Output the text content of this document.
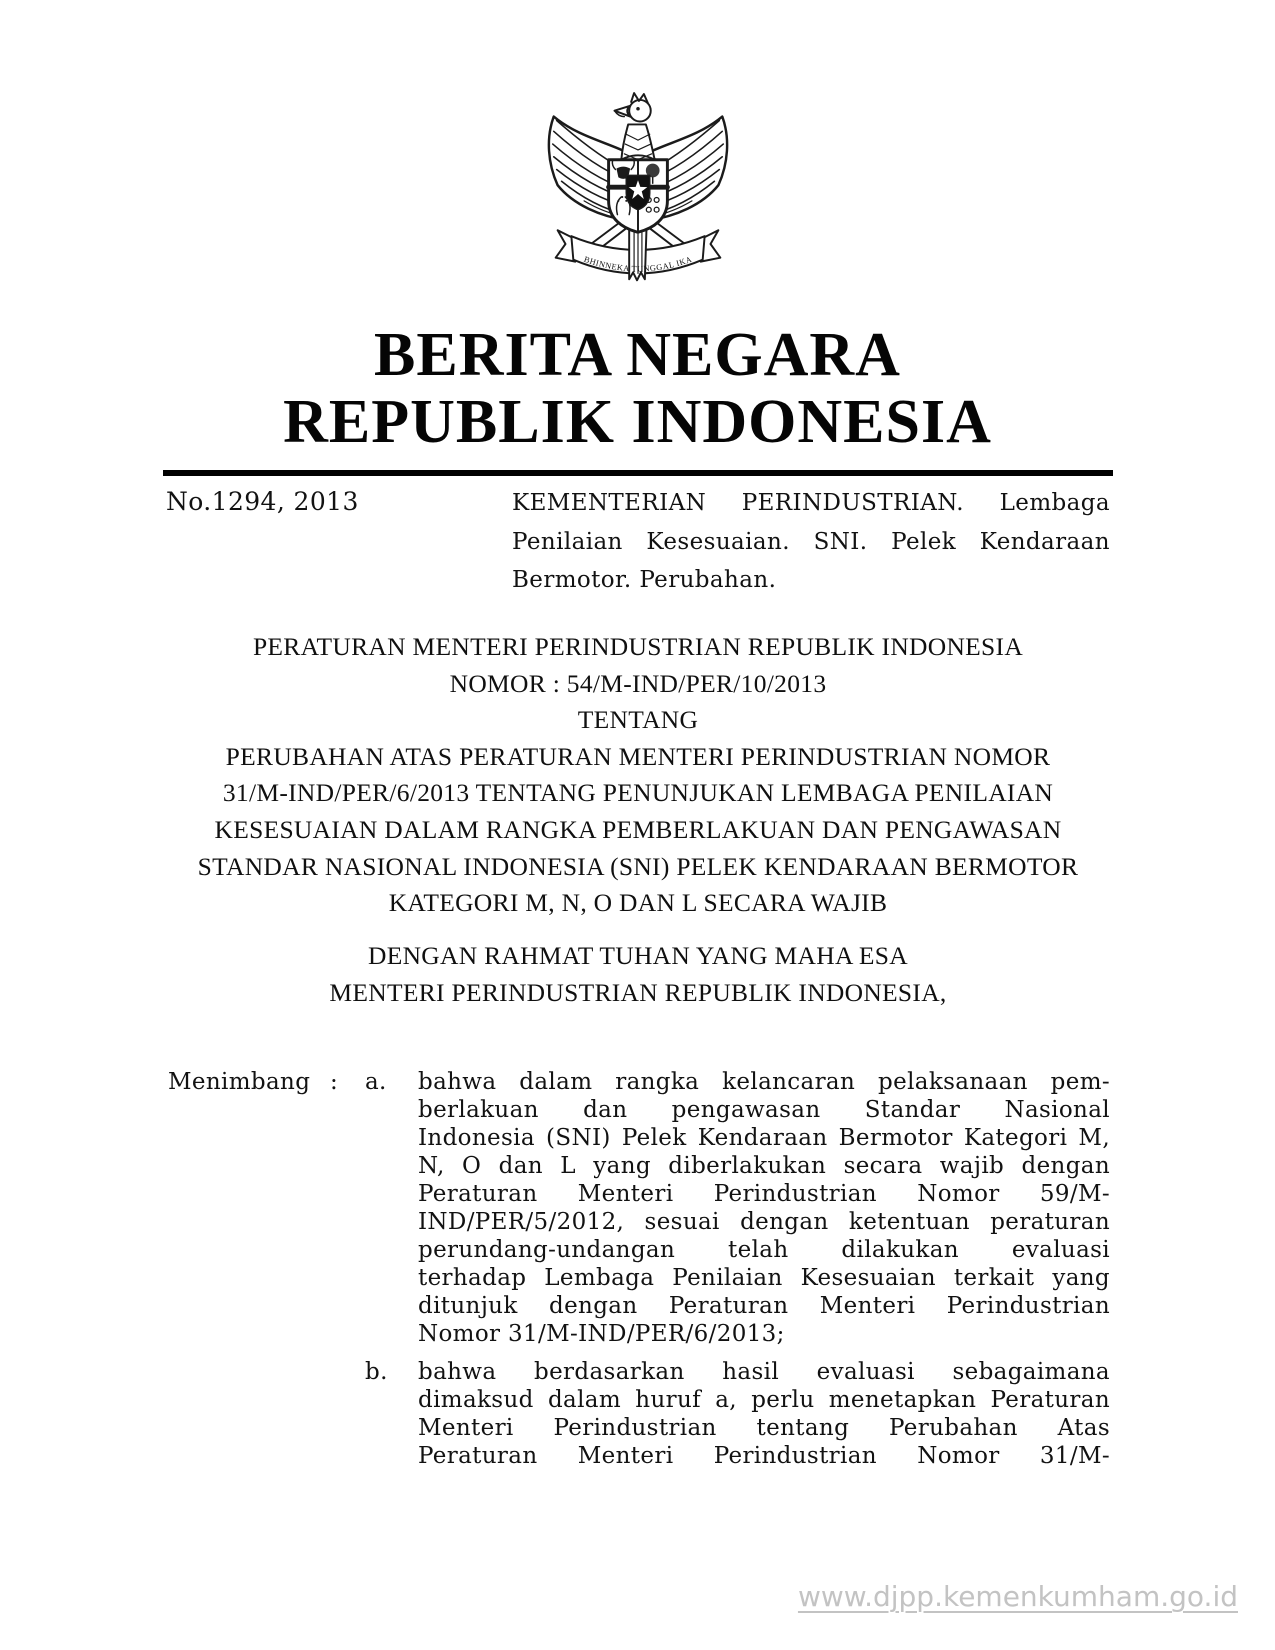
BHINNEKA TUNGGAL IKA
BERITA NEGARA
REPUBLIK INDONESIA
No.1294, 2013	KEMENTERIAN PERINDUSTRIAN. Lembaga
Penilaian Kesesuaian. SNI. Pelek Kendaraan
Bermotor. Perubahan.
PERATURAN MENTERI PERINDUSTRIAN REPUBLIK INDONESIA
NOMOR : 54/M-IND/PER/10/2013
TENTANG
PERUBAHAN ATAS PERATURAN MENTERI PERINDUSTRIAN NOMOR
31/M-IND/PER/6/2013 TENTANG PENUNJUKAN LEMBAGA PENILAIAN
KESESUAIAN DALAM RANGKA PEMBERLAKUAN DAN PENGAWASAN
STANDAR NASIONAL INDONESIA (SNI) PELEK KENDARAAN BERMOTOR
KATEGORI M, N, O DAN L SECARA WAJIB
DENGAN RAHMAT TUHAN YANG MAHA ESA
MENTERI PERINDUSTRIAN REPUBLIK INDONESIA,
Menimbang :	a.	bahwa dalam rangka kelancaran pelaksanaan pem-
berlakuan dan pengawasan Standar Nasional
Indonesia (SNI) Pelek Kendaraan Bermotor Kategori M,
N, O dan L yang diberlakukan secara wajib dengan
Peraturan Menteri Perindustrian Nomor 59/M-
IND/PER/5/2012, sesuai dengan ketentuan peraturan
perundang-undangan telah dilakukan evaluasi
terhadap Lembaga Penilaian Kesesuaian terkait yang
ditunjuk dengan Peraturan Menteri Perindustrian
Nomor 31/M-IND/PER/6/2013;
b.	bahwa berdasarkan hasil evaluasi sebagaimana
dimaksud dalam huruf a, perlu menetapkan Peraturan
Menteri Perindustrian tentang Perubahan Atas
Peraturan Menteri Perindustrian Nomor 31/M-
www.djpp.kemenkumham.go.id
